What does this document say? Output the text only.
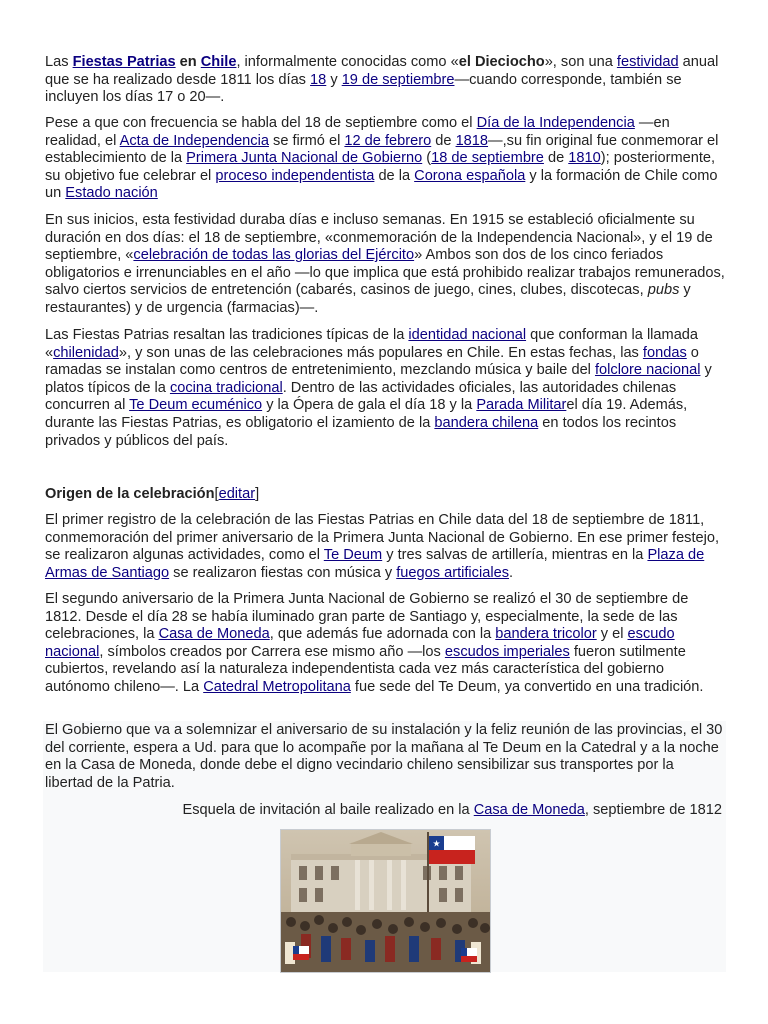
Las Fiestas Patrias en Chile, informalmente conocidas como «el Dieciocho», son una festividad anual que se ha realizado desde 1811 los días 18 y 19 de septiembre—cuando corresponde, también se incluyen los días 17 o 20—.

Pese a que con frecuencia se habla del 18 de septiembre como el Día de la Independencia —en realidad, el Acta de Independencia se firmó el 12 de febrero de 1818—,su fin original fue conmemorar el establecimiento de la Primera Junta Nacional de Gobierno (18 de septiembre de 1810); posteriormente, su objetivo fue celebrar el proceso independentista de la Corona española y la formación de Chile como un Estado nación

En sus inicios, esta festividad duraba días e incluso semanas. En 1915 se estableció oficialmente su duración en dos días: el 18 de septiembre, «conmemoración de la Independencia Nacional», y el 19 de septiembre, «celebración de todas las glorias del Ejército» Ambos son dos de los cinco feriados obligatorios e irrenunciables en el año —lo que implica que está prohibido realizar trabajos remunerados, salvo ciertos servicios de entretención (cabarés, casinos de juego, cines, clubes, discotecas, pubs y restaurantes) y de urgencia (farmacias)—.

Las Fiestas Patrias resaltan las tradiciones típicas de la identidad nacional que conforman la llamada «chilenidad», y son unas de las celebraciones más populares en Chile. En estas fechas, las fondas o ramadas se instalan como centros de entretenimiento, mezclando música y baile del folclore nacional y platos típicos de la cocina tradicional. Dentro de las actividades oficiales, las autoridades chilenas concurren al Te Deum ecuménico y la Ópera de gala el día 18 y la Parada Militarel día 19. Además, durante las Fiestas Patrias, es obligatorio el izamiento de la bandera chilena en todos los recintos privados y públicos del país.

Origen de la celebración[editar]

El primer registro de la celebración de las Fiestas Patrias en Chile data del 18 de septiembre de 1811, conmemoración del primer aniversario de la Primera Junta Nacional de Gobierno. En ese primer festejo, se realizaron algunas actividades, como el Te Deum y tres salvas de artillería, mientras en la Plaza de Armas de Santiago se realizaron fiestas con música y fuegos artificiales.

El segundo aniversario de la Primera Junta Nacional de Gobierno se realizó el 30 de septiembre de 1812. Desde el día 28 se había iluminado gran parte de Santiago y, especialmente, la sede de las celebraciones, la Casa de Moneda, que además fue adornada con la bandera tricolor y el escudo nacional, símbolos creados por Carrera ese mismo año —los escudos imperiales fueron sutilmente cubiertos, revelando así la naturaleza independentista cada vez más característica del gobierno autónomo chileno—. La Catedral Metropolitana fue sede del Te Deum, ya convertido en una tradición.

El Gobierno que va a solemnizar el aniversario de su instalación y la feliz reunión de las provincias, el 30 del corriente, espera a Ud. para que lo acompañe por la mañana al Te Deum en la Catedral y a la noche en la Casa de Moneda, donde debe el digno vecindario chileno sensibilizar sus transportes por la libertad de la Patria.

Esquela de invitación al baile realizado en la Casa de Moneda, septiembre de 1812

★
